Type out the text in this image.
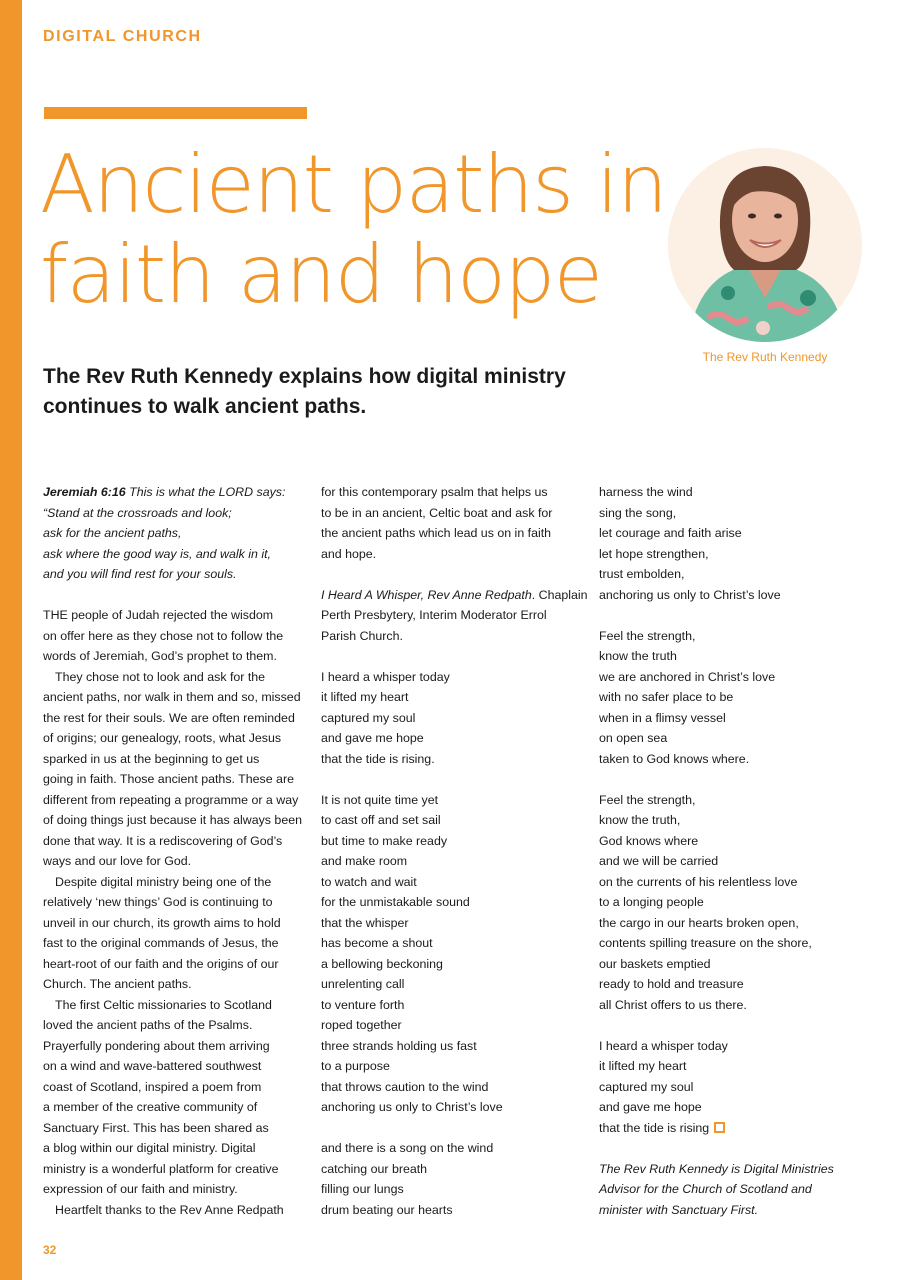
DIGITAL CHURCH
Ancient paths in
faith and hope
The Rev Ruth Kennedy
The Rev Ruth Kennedy explains how digital ministry
continues to walk ancient paths.

Jeremiah 6:16 This is what the LORD says:
“Stand at the crossroads and look;
ask for the ancient paths,
ask where the good way is, and walk in it,
and you will find rest for your souls.

THE people of Judah rejected the wisdom
on offer here as they chose not to follow the
words of Jeremiah, God’s prophet to them.

They chose not to look and ask for the
ancient paths, nor walk in them and so, missed
the rest for their souls. We are often reminded
of origins; our genealogy, roots, what Jesus
sparked in us at the beginning to get us
going in faith. Those ancient paths. These are
different from repeating a programme or a way
of doing things just because it has always been
done that way. It is a rediscovering of God’s
ways and our love for God.

Despite digital ministry being one of the
relatively ‘new things’ God is continuing to
unveil in our church, its growth aims to hold
fast to the original commands of Jesus, the
heart-root of our faith and the origins of our
Church. The ancient paths.

The first Celtic missionaries to Scotland
loved the ancient paths of the Psalms.
Prayerfully pondering about them arriving
on a wind and wave-battered southwest
coast of Scotland, inspired a poem from
a member of the creative community of
Sanctuary First. This has been shared as
a blog within our digital ministry. Digital
ministry is a wonderful platform for creative
expression of our faith and ministry.

Heartfelt thanks to the Rev Anne Redpath

for this contemporary psalm that helps us
to be in an ancient, Celtic boat and ask for
the ancient paths which lead us on in faith
and hope.

I Heard A Whisper, Rev Anne Redpath. Chaplain
Perth Presbytery, Interim Moderator Errol
Parish Church.

I heard a whisper today
it lifted my heart
captured my soul
and gave me hope
that the tide is rising.

It is not quite time yet
to cast off and set sail
but time to make ready
and make room
to watch and wait
for the unmistakable sound
that the whisper
has become a shout
a bellowing beckoning
unrelenting call
to venture forth
roped together
three strands holding us fast
to a purpose
that throws caution to the wind
anchoring us only to Christ’s love

and there is a song on the wind
catching our breath
filling our lungs
drum beating our hearts

harness the wind
sing the song,
let courage and faith arise
let hope strengthen,
trust embolden,
anchoring us only to Christ’s love

Feel the strength,
know the truth
we are anchored in Christ’s love
with no safer place to be
when in a flimsy vessel
on open sea
taken to God knows where.

Feel the strength,
know the truth,
God knows where
and we will be carried
on the currents of his relentless love
to a longing people
the cargo in our hearts broken open,
contents spilling treasure on the shore,
our baskets emptied
ready to hold and treasure
all Christ offers to us there.

I heard a whisper today
it lifted my heart
captured my soul
and gave me hope
that the tide is rising

The Rev Ruth Kennedy is Digital Ministries
Advisor for the Church of Scotland and
minister with Sanctuary First.

32
